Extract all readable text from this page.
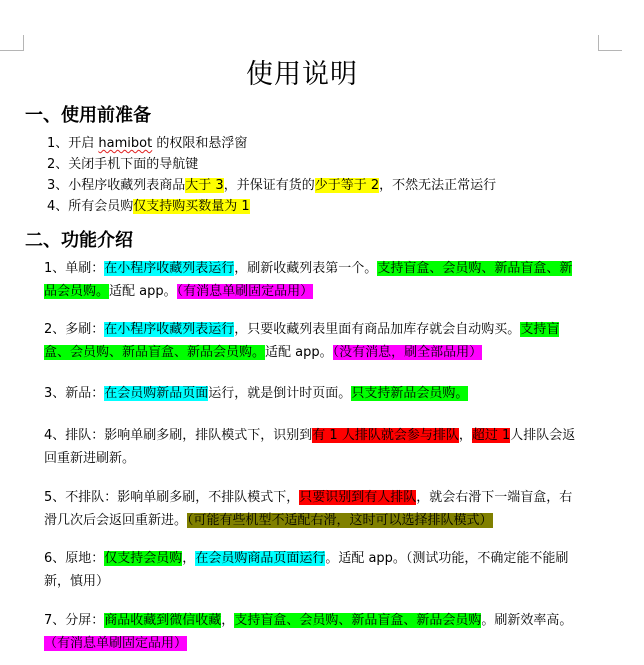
使用说明
一、使用前准备
1、开启 hamibot 的权限和悬浮窗
2、关闭手机下面的导航键
3、小程序收藏列表商品大于 3，并保证有货的少于等于 2，不然无法正常运行
4、所有会员购仅支持购买数量为 1
二、功能介绍
1、单刷：在小程序收藏列表运行，刷新收藏列表第一个。支持盲盒、会员购、新品盲盒、新品会员购。适配 app。（有消息单刷固定品用）
2、多刷：在小程序收藏列表运行，只要收藏列表里面有商品加库存就会自动购买。支持盲盒、会员购、新品盲盒、新品会员购。适配 app。（没有消息，刷全部品用）
3、新品：在会员购新品页面运行，就是倒计时页面。只支持新品会员购。
4、排队：影响单刷多刷，排队模式下，识别到有 1 人排队就会参与排队，超过 1人排队会返回重新进刷新。
5、不排队：影响单刷多刷，不排队模式下，只要识别到有人排队，就会右滑下一端盲盒，右滑几次后会返回重新进。（可能有些机型不适配右滑，这时可以选择排队模式）
6、原地：仅支持会员购，在会员购商品页面运行。适配 app。（测试功能，不确定能不能刷新，慎用）
7、分屏：商品收藏到微信收藏，支持盲盒、会员购、新品盲盒、新品会员购。刷新效率高。（有消息单刷固定品用）
